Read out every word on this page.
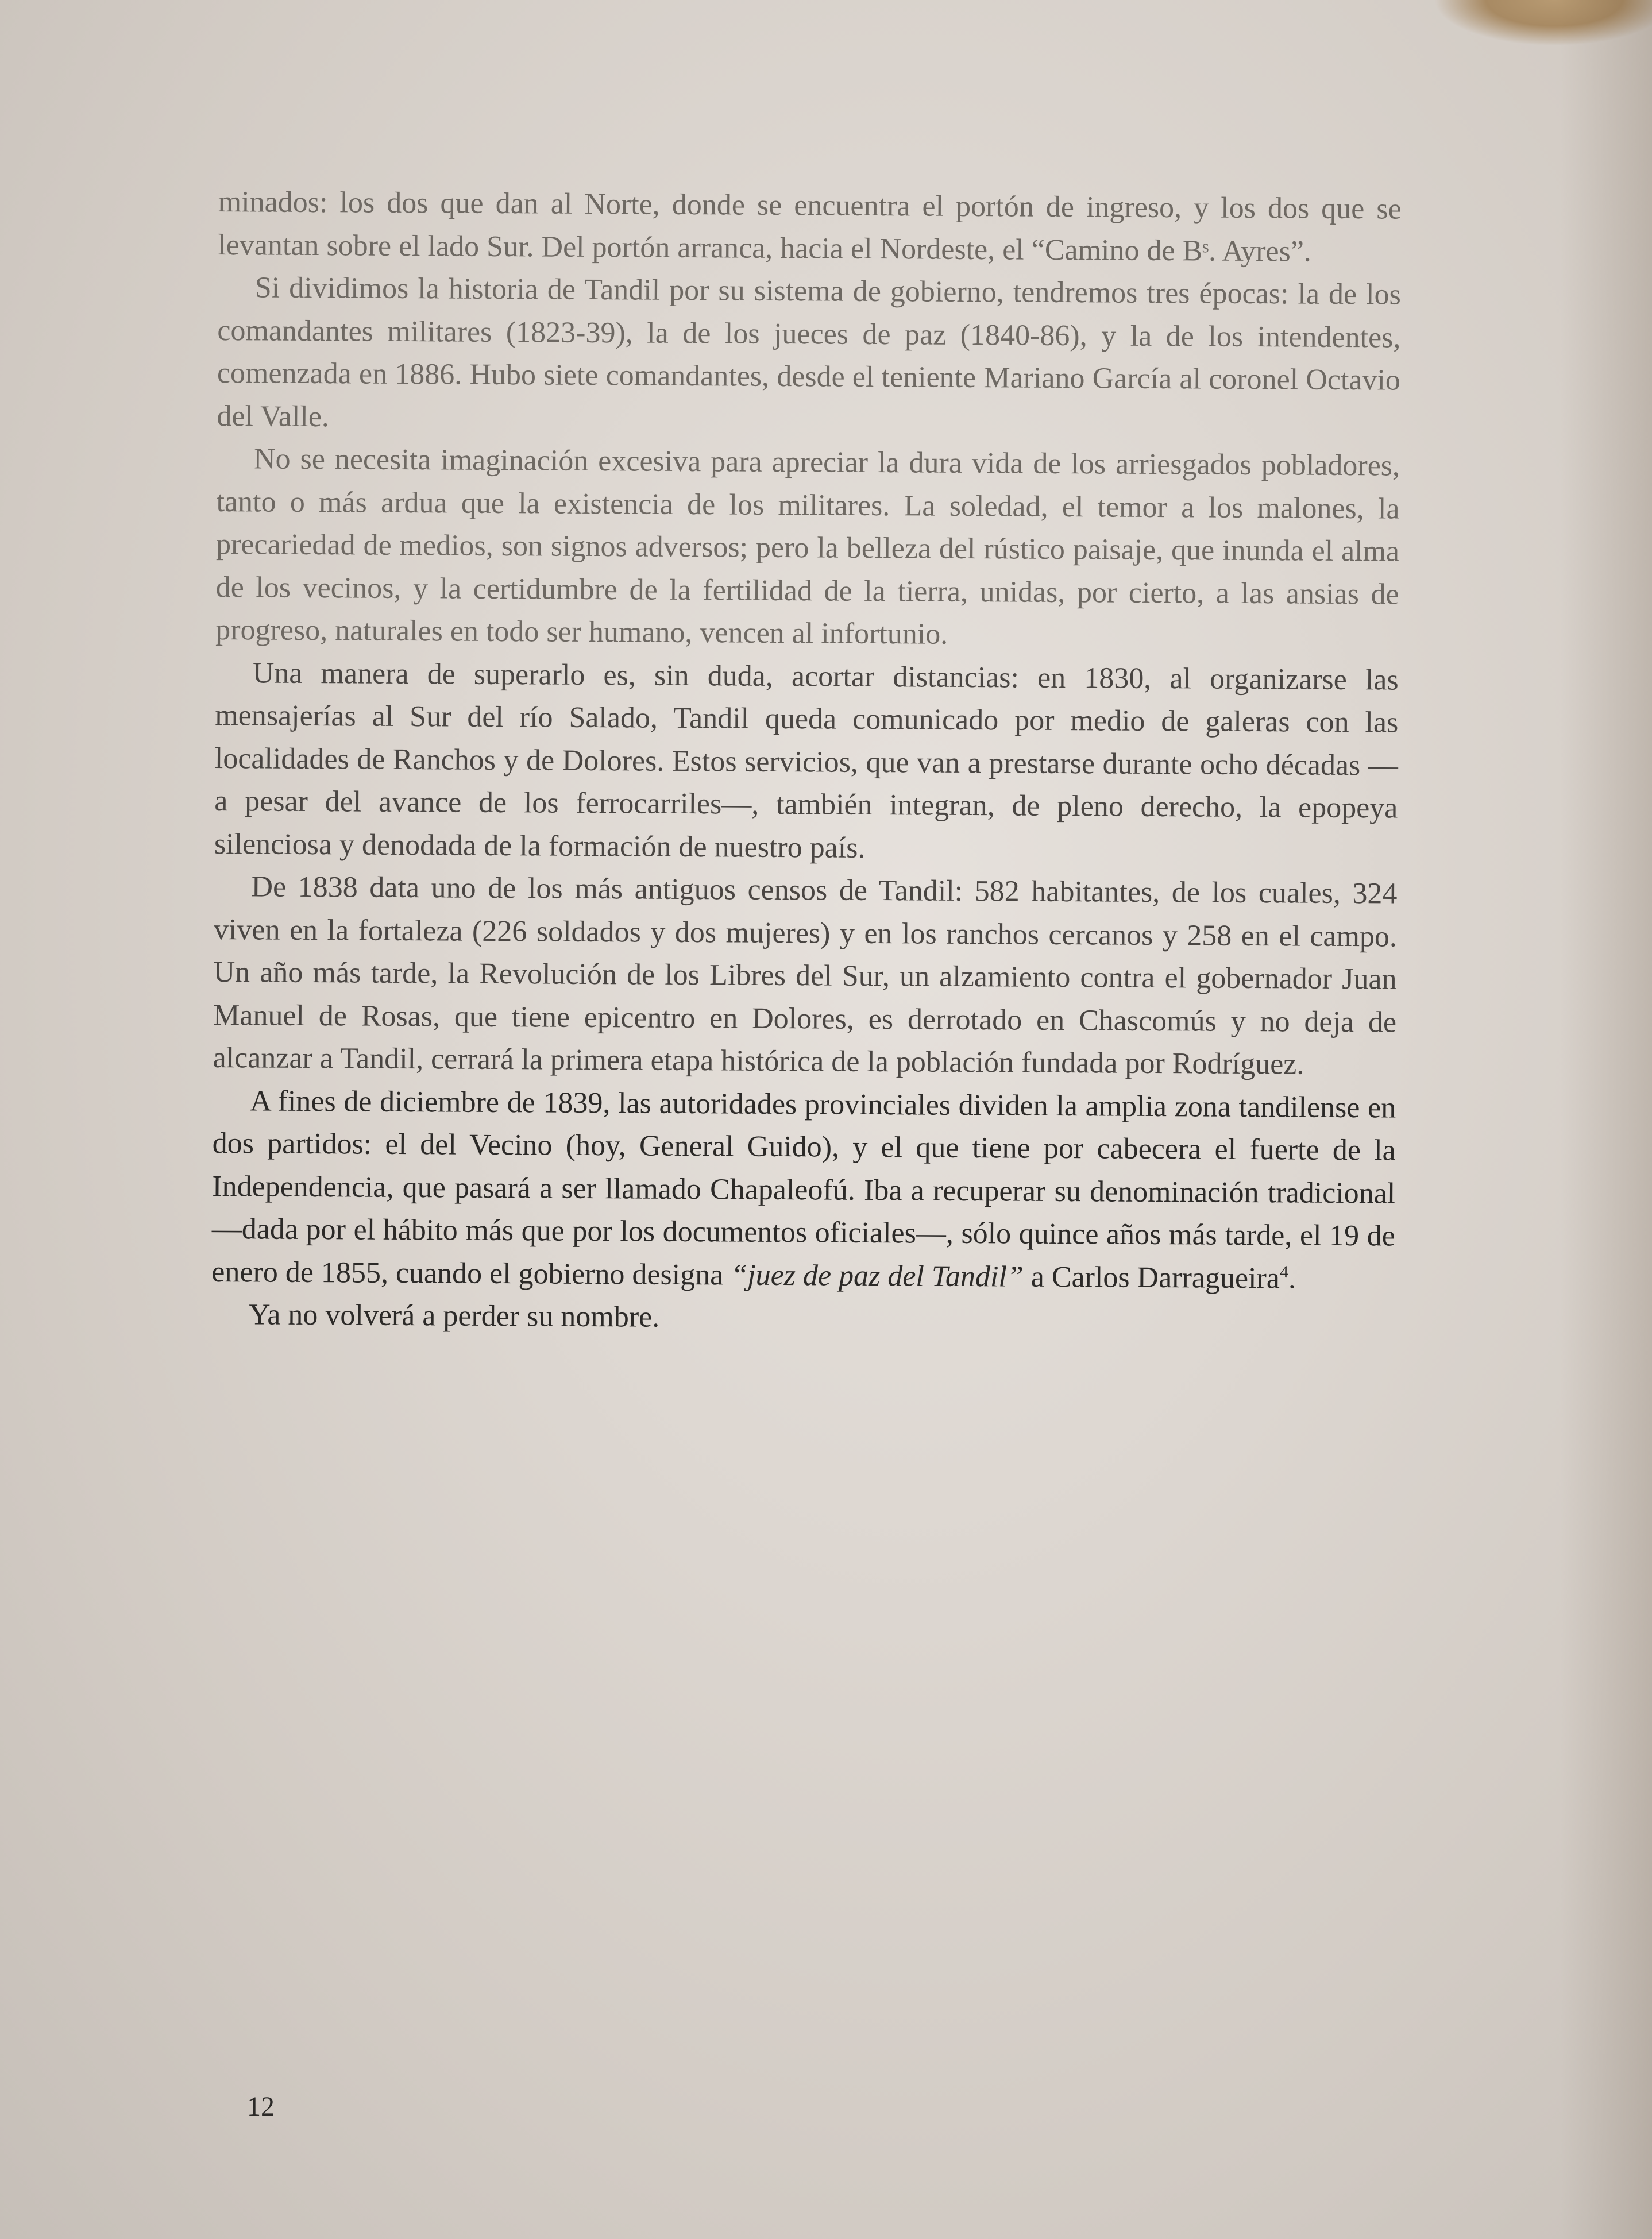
minados: los dos que dan al Norte, donde se encuentra el portón de ingreso, y los dos que se levantan sobre el lado Sur. Del portón arranca, hacia el Nordeste, el “Camino de Bˢ. Ayres”.

Si dividimos la historia de Tandil por su sistema de gobierno, tendremos tres épocas: la de los comandantes militares (1823-39), la de los jueces de paz (1840-86), y la de los intendentes, comenzada en 1886. Hubo siete comandantes, desde el teniente Mariano García al coronel Octavio del Valle.

No se necesita imaginación excesiva para apreciar la dura vida de los arriesgados pobladores, tanto o más ardua que la existencia de los militares. La soledad, el temor a los malones, la precariedad de medios, son signos adversos; pero la belleza del rústico paisaje, que inunda el alma de los vecinos, y la certidumbre de la fertilidad de la tierra, unidas, por cierto, a las ansias de progreso, naturales en todo ser humano, vencen al infortunio.

Una manera de superarlo es, sin duda, acortar distancias: en 1830, al organizarse las mensajerías al Sur del río Salado, Tandil queda comunicado por medio de galeras con las localidades de Ranchos y de Dolores. Estos servicios, que van a prestarse durante ocho décadas —a pesar del avance de los ferrocarriles—, también integran, de pleno derecho, la epopeya silenciosa y denodada de la formación de nuestro país.

De 1838 data uno de los más antiguos censos de Tandil: 582 habitantes, de los cuales, 324 viven en la fortaleza (226 soldados y dos mujeres) y en los ranchos cercanos y 258 en el campo. Un año más tarde, la Revolución de los Libres del Sur, un alzamiento contra el gobernador Juan Manuel de Rosas, que tiene epicentro en Dolores, es derrotado en Chascomús y no deja de alcanzar a Tandil, cerrará la primera etapa histórica de la población fundada por Rodríguez.

A fines de diciembre de 1839, las autoridades provinciales dividen la amplia zona tandilense en dos partidos: el del Vecino (hoy, General Guido), y el que tiene por cabecera el fuerte de la Independencia, que pasará a ser llamado Chapaleofú. Iba a recuperar su denominación tradicional —dada por el hábito más que por los documentos oficiales—, sólo quince años más tarde, el 19 de enero de 1855, cuando el gobierno designa “juez de paz del Tandil” a Carlos Darragueira$^4$.

Ya no volverá a perder su nombre.

12
